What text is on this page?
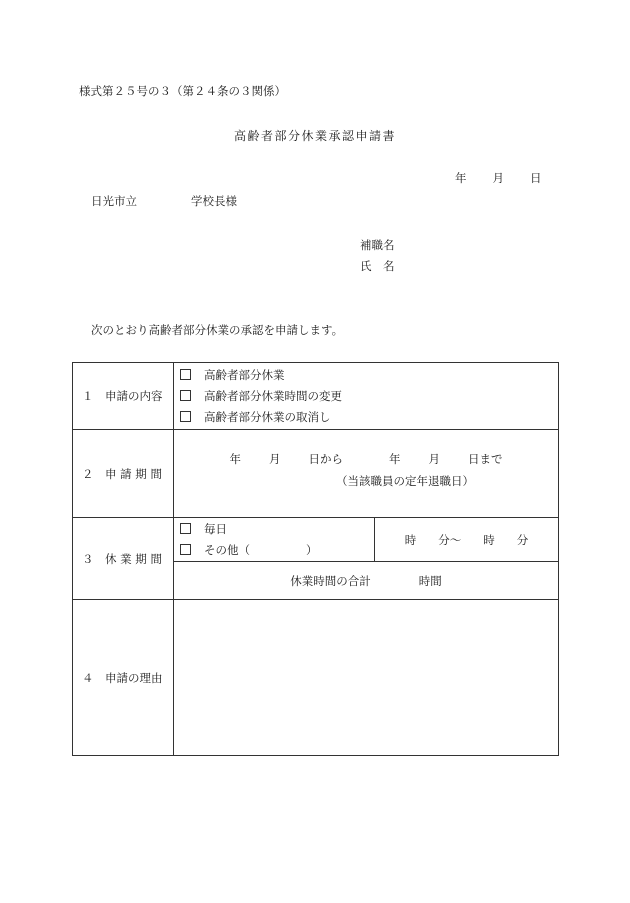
様式第２５号の３（第２４条の３関係）
高齢者部分休業承認申請書
年 月 日
日光市立	学校長様
補職名
氏　名
次のとおり高齢者部分休業の承認を申請します。
１　申請の内容	高齢者部分休業
高齢者部分休業時間の変更
高齢者部分休業の取消し	

２　申 請 期 間	年 月 日から 年 月 日まで
（当該職員の定年退職日）	

３　休 業 期 間	毎日
その他（ ）	時 分～ 時 分
	休業時間の合計 時間	
４　申請の理由		
